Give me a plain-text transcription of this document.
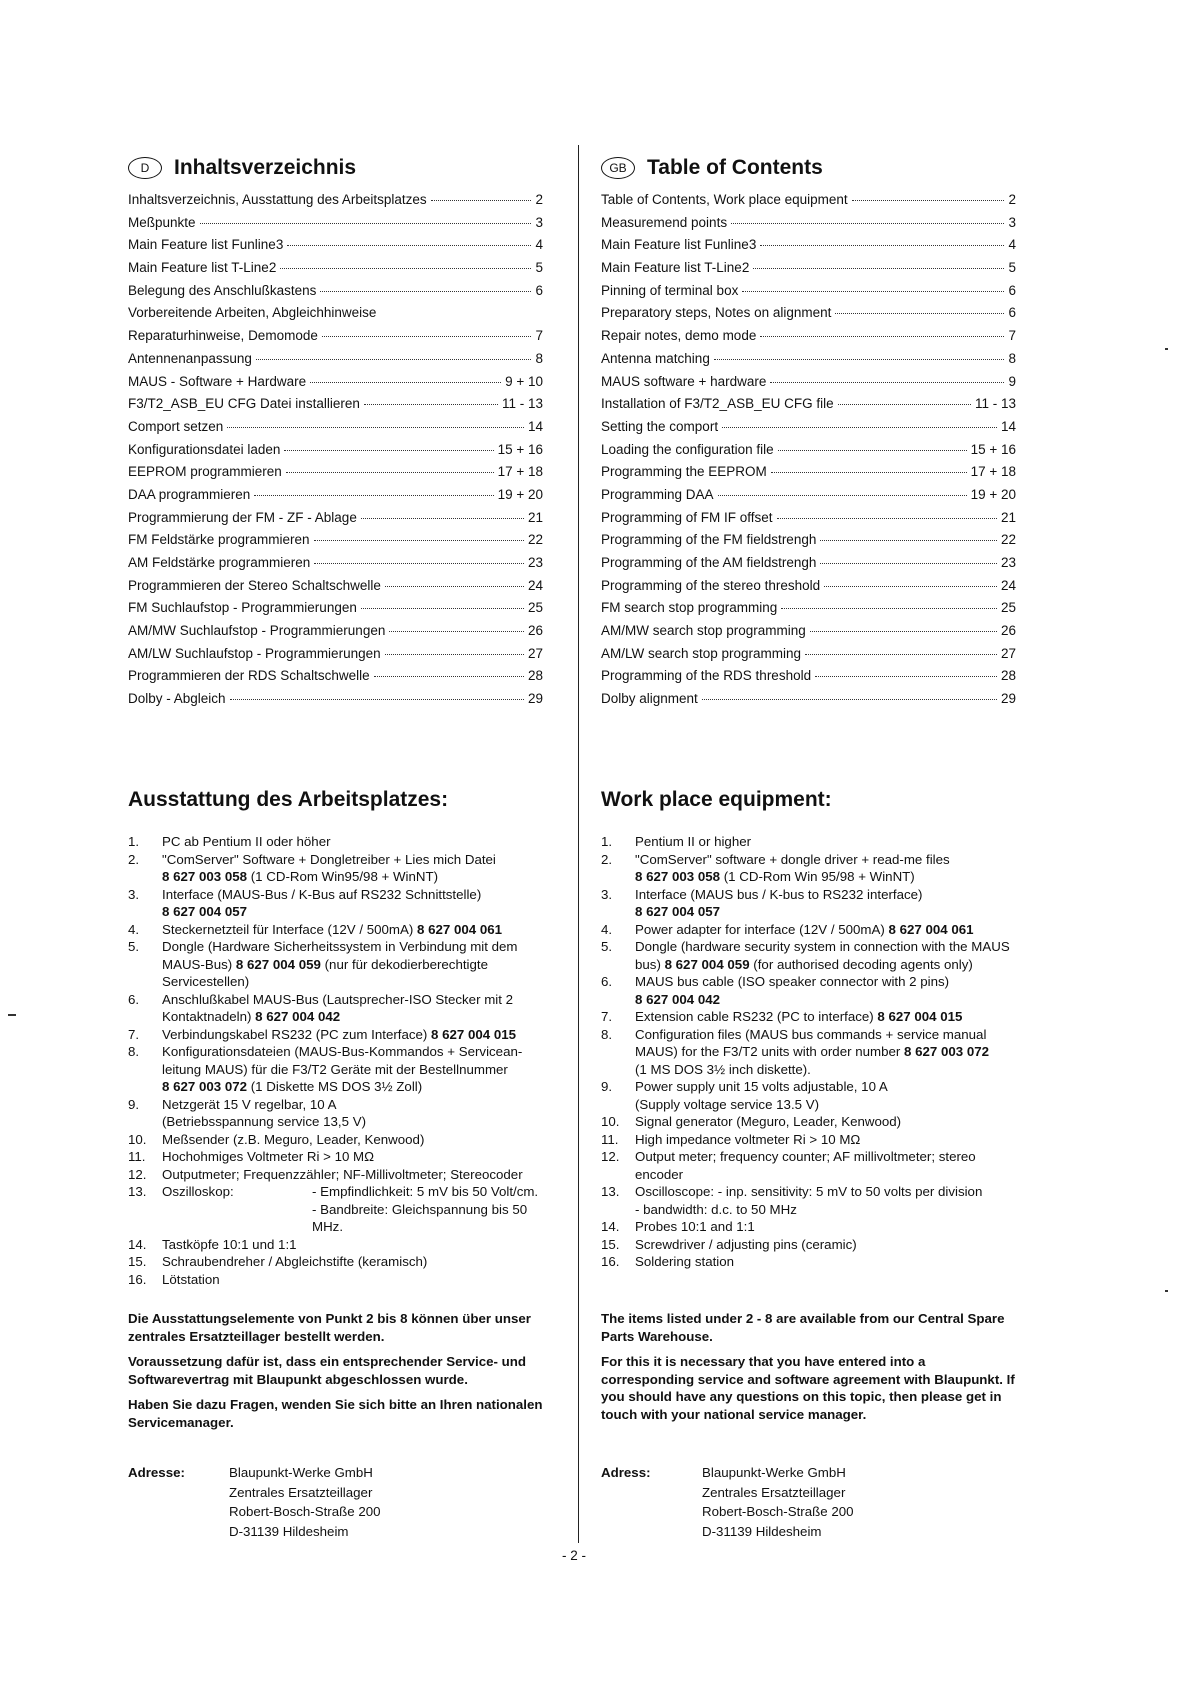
D	Inhaltsverzeichnis
Inhaltsverzeichnis, Ausstattung des Arbeitsplatzes	2
Meßpunkte	3
Main Feature list Funline3	4
Main Feature list T-Line2	5
Belegung des Anschlußkastens	6
Vorbereitende Arbeiten, Abgleichhinweise
Reparaturhinweise, Demomode	7
Antennenanpassung	8
MAUS - Software + Hardware	9 + 10
F3/T2_ASB_EU CFG Datei installieren	11 - 13
Comport setzen	14
Konfigurationsdatei laden	15 + 16
EEPROM programmieren	17 + 18
DAA programmieren	19 + 20
Programmierung der FM - ZF - Ablage	21
FM Feldstärke programmieren	22
AM Feldstärke programmieren	23
Programmieren der Stereo Schaltschwelle	24
FM Suchlaufstop - Programmierungen	25
AM/MW Suchlaufstop - Programmierungen	26
AM/LW Suchlaufstop - Programmierungen	27
Programmieren der RDS Schaltschwelle	28
Dolby - Abgleich	29
GB Table of Contents
Table of Contents, Work place equipment	2
Measuremend points	3
Main Feature list Funline3	4
Main Feature list T-Line2	5
Pinning of terminal box	6
Preparatory steps, Notes on alignment	6
Repair notes, demo mode	7
Antenna matching	8
MAUS software + hardware	9
Installation of F3/T2_ASB_EU CFG file	11 - 13
Setting the comport	14
Loading the configuration file	15 + 16
Programming the EEPROM	17 + 18
Programming DAA	19 + 20
Programming of FM IF offset	21
Programming of the FM fieldstrengh	22
Programming of the AM fieldstrengh	23
Programming of the stereo threshold	24
FM search stop programming	25
AM/MW search stop programming	26
AM/LW search stop programming	27
Programming of the RDS threshold	28
Dolby alignment	29
Ausstattung des Arbeitsplatzes:	Work place equipment:
1.	PC ab Pentium II oder höher
2.	"ComServer" Software + Dongletreiber + Lies mich Datei
8 627 003 058 (1 CD-Rom Win95/98 + WinNT)
3.	Interface (MAUS-Bus / K-Bus auf RS232 Schnittstelle)
8 627 004 057
4.	Steckernetzteil für Interface (12V / 500mA) 8 627 004 061
5.	Dongle (Hardware Sicherheitssystem in Verbindung mit dem MAUS-Bus) 8 627 004 059 (nur für dekodierberechtigte Servicestellen)
6.	Anschlußkabel MAUS-Bus (Lautsprecher-ISO Stecker mit 2 Kontaktnadeln) 8 627 004 042
7.	Verbindungskabel RS232 (PC zum Interface) 8 627 004 015
8.	Konfigurationsdateien (MAUS-Bus-Kommandos + Servicean-leitung MAUS) für die F3/T2 Geräte mit der Bestellnummer
8 627 003 072 (1 Diskette MS DOS 3½ Zoll)
9.	Netzgerät 15 V regelbar, 10 A
(Betriebsspannung service 13,5 V)
10.	Meßsender (z.B. Meguro, Leader, Kenwood)
11.	Hochohmiges Voltmeter Ri > 10 MΩ
12.	Outputmeter; Frequenzzähler; NF-Millivoltmeter; Stereocoder
13.	Oszilloskop:	- Empfindlichkeit: 5 mV bis 50 Volt/cm.
- Bandbreite: Gleichspannung bis 50 MHz.
14.	Tastköpfe 10:1 und 1:1
15.	Schraubendreher / Abgleichstifte (keramisch)
16.	Lötstation
1.	Pentium II or higher
2.	"ComServer" software + dongle driver + read-me files
8 627 003 058 (1 CD-Rom Win 95/98 + WinNT)
3.	Interface (MAUS bus / K-bus to RS232 interface)
8 627 004 057
4.	Power adapter for interface (12V / 500mA) 8 627 004 061
5.	Dongle (hardware security system in connection with the MAUS bus) 8 627 004 059 (for authorised decoding agents only)
6.	MAUS bus cable (ISO speaker connector with 2 pins)
8 627 004 042
7.	Extension cable RS232 (PC to interface) 8 627 004 015
8.	Configuration files (MAUS bus commands + service manual MAUS) for the F3/T2 units with order number 8 627 003 072
(1 MS DOS 3½ inch diskette).
9.	Power supply unit 15 volts adjustable, 10 A
(Supply voltage service 13.5 V)
10.	Signal generator (Meguro, Leader, Kenwood)
11.	High impedance voltmeter Ri > 10 MΩ
12.	Output meter; frequency counter; AF millivoltmeter; stereo encoder
13.	Oscilloscope: - inp. sensitivity: 5 mV to 50 volts per division
- bandwidth: d.c. to 50 MHz
14.	Probes 10:1 and 1:1
15.	Screwdriver / adjusting pins (ceramic)
16.	Soldering station

Die Ausstattungselemente von Punkt 2 bis 8 können über unser zentrales Ersatzteillager bestellt werden.

Voraussetzung dafür ist, dass ein entsprechender Service- und Softwarevertrag mit Blaupunkt abgeschlossen wurde.

Haben Sie dazu Fragen, wenden Sie sich bitte an Ihren nationalen Servicemanager.

The items listed under 2 - 8 are available from our Central Spare Parts Warehouse.

For this it is necessary that you have entered into a corresponding service and software agreement with Blaupunkt. If you should have any questions on this topic, then please get in touch with your national service manager.

Adresse:	Blaupunkt-Werke GmbH
Zentrales Ersatzteillager
Robert-Bosch-Straße 200
D-31139 Hildesheim
Adress:	Blaupunkt-Werke GmbH
Zentrales Ersatzteillager
Robert-Bosch-Straße 200
D-31139 Hildesheim
- 2 -
